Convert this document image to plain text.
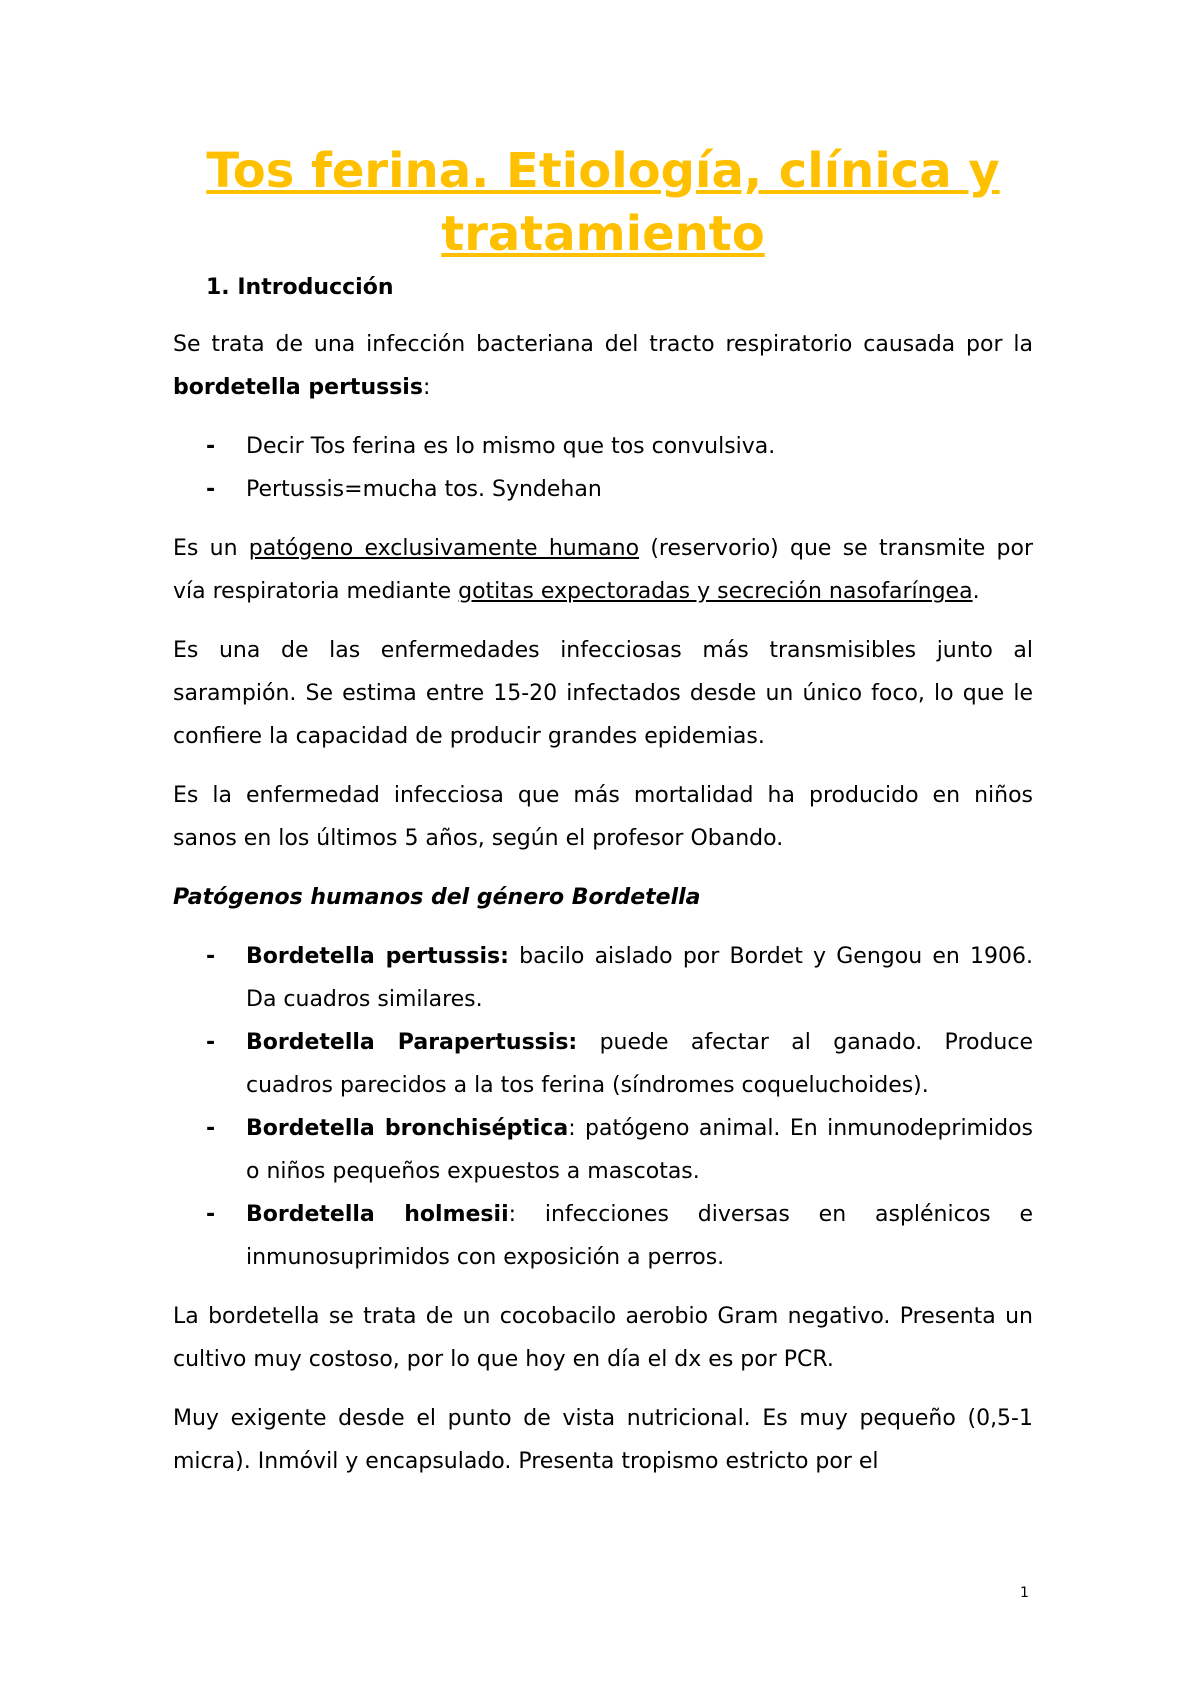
Tos ferina. Etiología, clínica y tratamiento
1. Introducción

Se trata de una infección bacteriana del tracto respiratorio causada por la bordetella pertussis:

- Decir Tos ferina es lo mismo que tos convulsiva.
- Pertussis=mucha tos. Syndehan

Es un patógeno exclusivamente humano (reservorio) que se transmite por vía respiratoria mediante gotitas expectoradas y secreción nasofaríngea.

Es una de las enfermedades infecciosas más transmisibles junto al sarampión. Se estima entre 15-20 infectados desde un único foco, lo que le confiere la capacidad de producir grandes epidemias.

Es la enfermedad infecciosa que más mortalidad ha producido en niños sanos en los últimos 5 años, según el profesor Obando.

Patógenos humanos del género Bordetella

- Bordetella pertussis: bacilo aislado por Bordet y Gengou en 1906. Da cuadros similares.
- Bordetella Parapertussis: puede afectar al ganado. Produce cuadros parecidos a la tos ferina (síndromes coqueluchoides).
- Bordetella bronchiséptica: patógeno animal. En inmunodeprimidos o niños pequeños expuestos a mascotas.
- Bordetella holmesii: infecciones diversas en asplénicos e inmunosuprimidos con exposición a perros.

La bordetella se trata de un cocobacilo aerobio Gram negativo. Presenta un cultivo muy costoso, por lo que hoy en día el dx es por PCR.

Muy exigente desde el punto de vista nutricional. Es muy pequeño (0,5-1 micra). Inmóvil y encapsulado. Presenta tropismo estricto por el

1
